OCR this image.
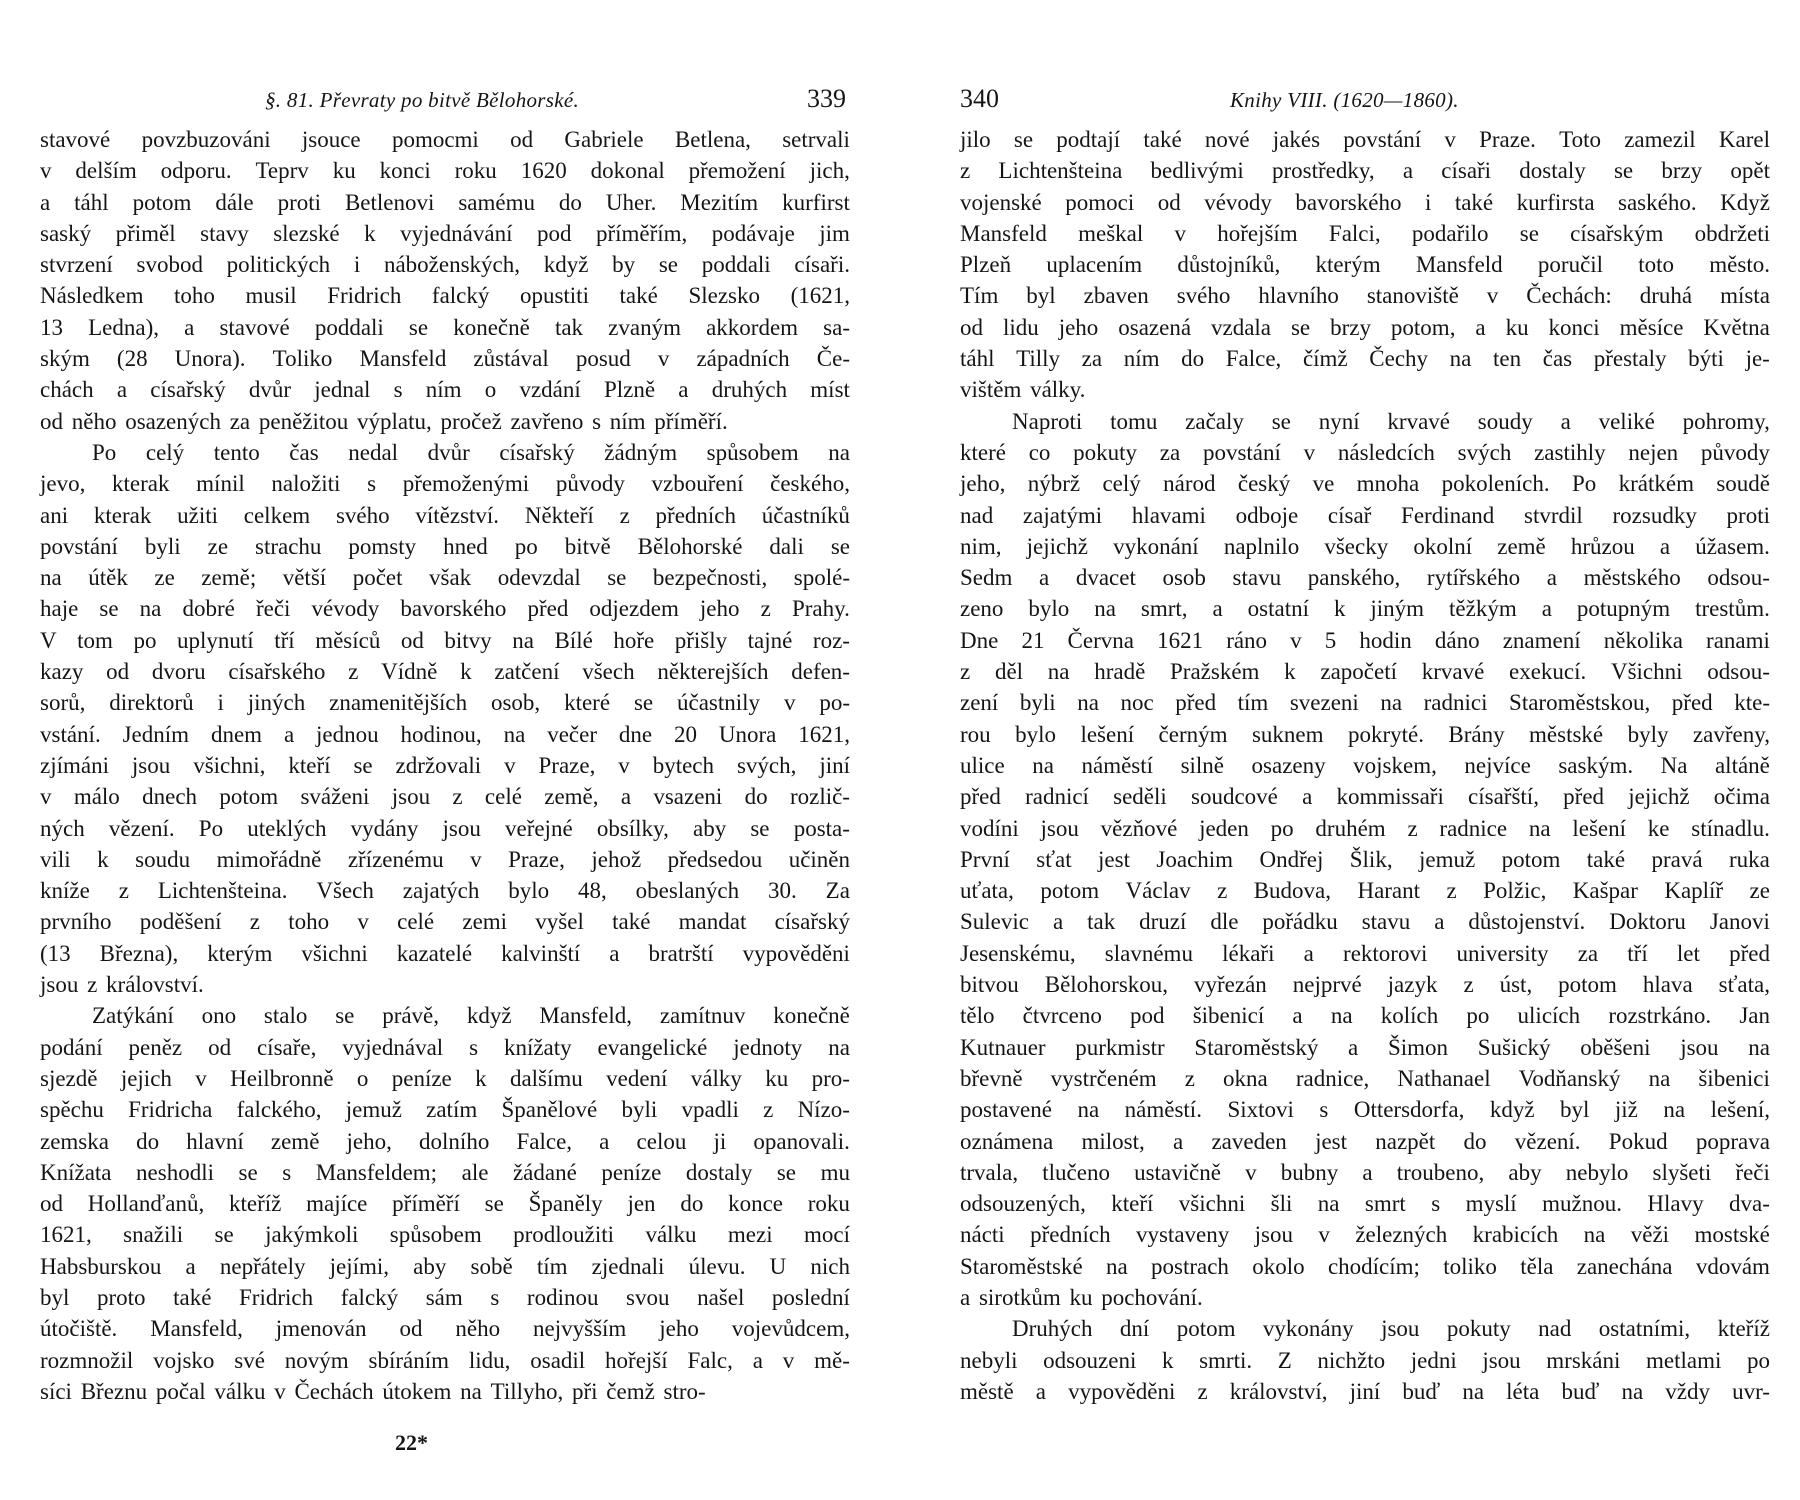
§. 81. Převraty po bitvě Bělohorské.	339
stavové povzbuzováni jsouce pomocmi od Gabriele Betlena, setrvali
v delším odporu. Teprv ku konci roku 1620 dokonal přemožení jich,
a táhl potom dále proti Betlenovi samému do Uher. Mezitím kurfirst
saský přiměl stavy slezské k vyjednávání pod příměřím, podávaje jim
stvrzení svobod politických i náboženských, když by se poddali císaři.
Následkem toho musil Fridrich falcký opustiti také Slezsko (1621,
13 Ledna), a stavové poddali se konečně tak zvaným akkordem sa-
ským (28 Unora). Toliko Mansfeld zůstával posud v západních Če-
chách a císařský dvůr jednal s ním o vzdání Plzně a druhých míst
od něho osazených za peněžitou výplatu, pročež zavřeno s ním příměří.
Po celý tento čas nedal dvůr císařský žádným spůsobem na
jevo, kterak mínil naložiti s přemoženými původy vzbouření českého,
ani kterak užiti celkem svého vítězství. Někteří z předních účastníků
povstání byli ze strachu pomsty hned po bitvě Bělohorské dali se
na útěk ze země; větší počet však odevzdal se bezpečnosti, spolé-
haje se na dobré řeči vévody bavorského před odjezdem jeho z Prahy.
V tom po uplynutí tří měsíců od bitvy na Bílé hoře přišly tajné roz-
kazy od dvoru císařského z Vídně k zatčení všech některejších defen-
sorů, direktorů i jiných znamenitějších osob, které se účastnily v po-
vstání. Jedním dnem a jednou hodinou, na večer dne 20 Unora 1621,
zjímáni jsou všichni, kteří se zdržovali v Praze, v bytech svých, jiní
v málo dnech potom sváženi jsou z celé země, a vsazeni do rozlič-
ných vězení. Po uteklých vydány jsou veřejné obsílky, aby se posta-
vili k soudu mimořádně zřízenému v Praze, jehož předsedou učiněn
kníže z Lichtenšteina. Všech zajatých bylo 48, obeslaných 30. Za
prvního poděšení z toho v celé zemi vyšel také mandat císařský
(13 Března), kterým všichni kazatelé kalvinští a bratrští vypověděni
jsou z království.
Zatýkání ono stalo se právě, když Mansfeld, zamítnuv konečně
podání peněz od císaře, vyjednával s knížaty evangelické jednoty na
sjezdě jejich v Heilbronně o peníze k dalšímu vedení války ku pro-
spěchu Fridricha falckého, jemuž zatím Španělové byli vpadli z Nízo-
zemska do hlavní země jeho, dolního Falce, a celou ji opanovali.
Knížata neshodli se s Mansfeldem; ale žádané peníze dostaly se mu
od Hollanďanů, kteříž majíce příměří se Španěly jen do konce roku
1621, snažili se jakýmkoli spůsobem prodloužiti válku mezi mocí
Habsburskou a nepřátely jejími, aby sobě tím zjednali úlevu. U nich
byl proto také Fridrich falcký sám s rodinou svou našel poslední
útočiště. Mansfeld, jmenován od něho nejvyšším jeho vojevůdcem,
rozmnožil vojsko své novým sbíráním lidu, osadil hořejší Falc, a v mě-
síci Březnu počal válku v Čechách útokem na Tillyho, při čemž stro-
340	Knihy VIII. (1620—1860).
jilo se podtají také nové jakés povstání v Praze. Toto zamezil Karel
z Lichtenšteina bedlivými prostředky, a císaři dostaly se brzy opět
vojenské pomoci od vévody bavorského i také kurfirsta saského. Když
Mansfeld meškal v hořejším Falci, podařilo se císařským obdržeti
Plzeň uplacením důstojníků, kterým Mansfeld poručil toto město.
Tím byl zbaven svého hlavního stanoviště v Čechách: druhá místa
od lidu jeho osazená vzdala se brzy potom, a ku konci měsíce Května
táhl Tilly za ním do Falce, čímž Čechy na ten čas přestaly býti je-
vištěm války.
Naproti tomu začaly se nyní krvavé soudy a veliké pohromy,
které co pokuty za povstání v následcích svých zastihly nejen původy
jeho, nýbrž celý národ český ve mnoha pokoleních. Po krátkém soudě
nad zajatými hlavami odboje císař Ferdinand stvrdil rozsudky proti
nim, jejichž vykonání naplnilo všecky okolní země hrůzou a úžasem.
Sedm a dvacet osob stavu panského, rytířského a městského odsou-
zeno bylo na smrt, a ostatní k jiným těžkým a potupným trestům.
Dne 21 Června 1621 ráno v 5 hodin dáno znamení několika ranami
z děl na hradě Pražském k započetí krvavé exekucí. Všichni odsou-
zení byli na noc před tím svezeni na radnici Staroměstskou, před kte-
rou bylo lešení černým suknem pokryté. Brány městské byly zavřeny,
ulice na náměstí silně osazeny vojskem, nejvíce saským. Na altáně
před radnicí seděli soudcové a kommissaři císařští, před jejichž očima
vodíni jsou vězňové jeden po druhém z radnice na lešení ke stínadlu.
První sťat jest Joachim Ondřej Šlik, jemuž potom také pravá ruka
uťata, potom Václav z Budova, Harant z Polžic, Kašpar Kaplíř ze
Sulevic a tak druzí dle pořádku stavu a důstojenství. Doktoru Janovi
Jesenskému, slavnému lékaři a rektorovi university za tří let před
bitvou Bělohorskou, vyřezán nejprvé jazyk z úst, potom hlava sťata,
tělo čtvrceno pod šibenicí a na kolích po ulicích rozstrkáno. Jan
Kutnauer purkmistr Staroměstský a Šimon Sušický oběšeni jsou na
břevně vystrčeném z okna radnice, Nathanael Vodňanský na šibenici
postavené na náměstí. Sixtovi s Ottersdorfa, když byl již na lešení,
oznámena milost, a zaveden jest nazpět do vězení. Pokud poprava
trvala, tlučeno ustavičně v bubny a troubeno, aby nebylo slyšeti řeči
odsouzených, kteří všichni šli na smrt s myslí mužnou. Hlavy dva-
nácti předních vystaveny jsou v železných krabicích na věži mostské
Staroměstské na postrach okolo chodícím; toliko těla zanechána vdovám
a sirotkům ku pochování.
Druhých dní potom vykonány jsou pokuty nad ostatními, kteříž
nebyli odsouzeni k smrti. Z nichžto jedni jsou mrskáni metlami po
městě a vypověděni z království, jiní buď na léta buď na vždy uvr-
22*
